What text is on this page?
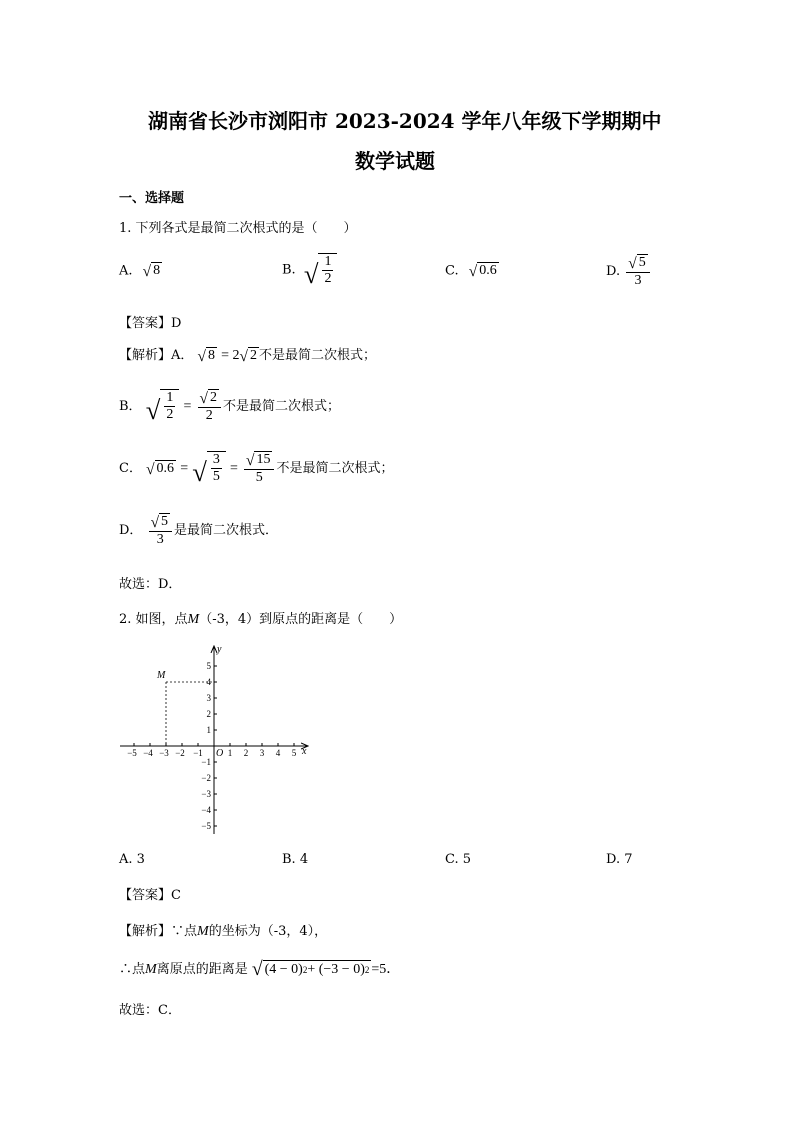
湖南省长沙市浏阳市 2023-2024 学年八年级下学期期中
数学试题
一、选择题
1. 下列各式是最简二次根式的是（　　）
A. √ 8	B. √ $\frac{1}{2}$	C. √ 0.6	D. $\frac{√ 5}{3}$
【答案】D
【解析】A． √ 8 = 2 √ 2 不是最简二次根式；
B． √ $\frac{1}{2} = \frac{√ 2}{2}$ 不是最简二次根式；
C． √ 0.6 = √ $\frac{3}{5} = \frac{√ 15}{5}$ 不是最简二次根式；
D． $\frac{√ 5}{3}$ 是最简二次根式．
故选：D．
2. 如图，点M（-3，4）到原点的距离是（　　）
M
x
y
O
−5 −4 −3 −2 −1	1 2 3 4 5
5
4
3
2
1
−1
−2
−3
−4
−5
A. 3	B. 4	C. 5	D. 7
【答案】C
【解析】∵点M的坐标为（-3，4），
∴点M离原点的距离是 √ (4 − 0) 2 + (−3 − 0) 2 =5．
故选：C．
